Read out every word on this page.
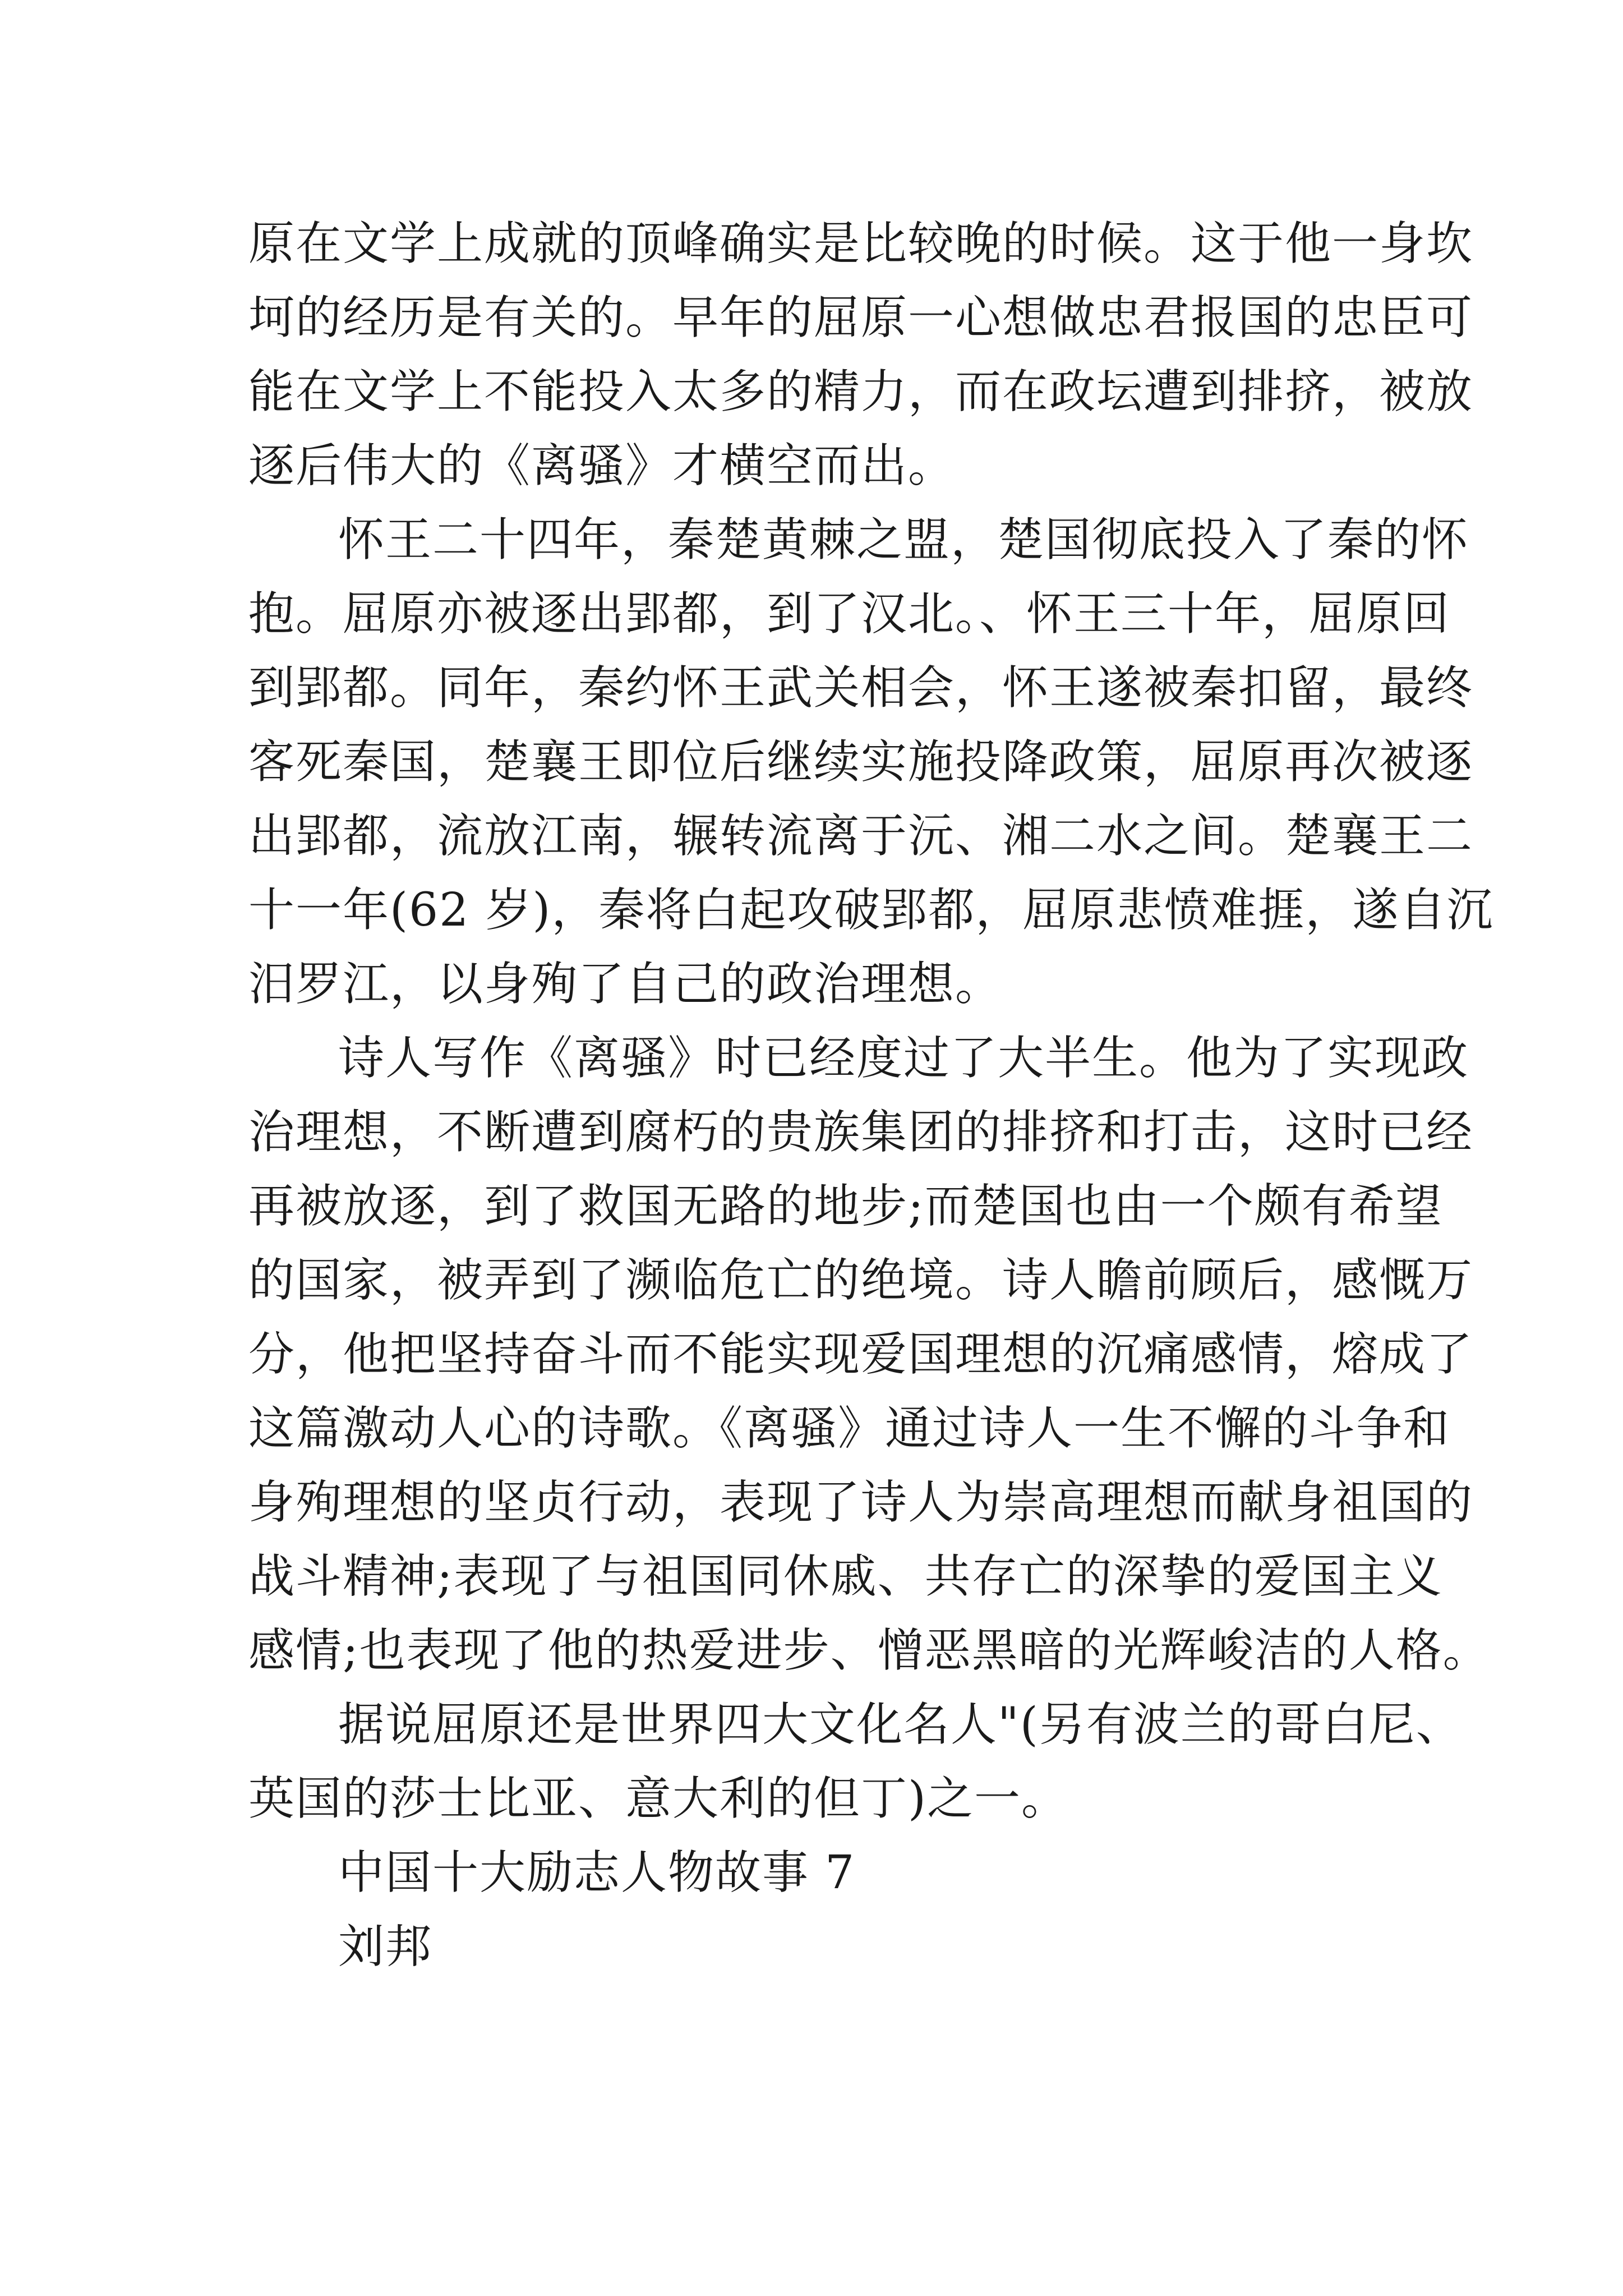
原在文学上成就的顶峰确实是比较晚的时候。这于他一身坎
坷的经历是有关的。早年的屈原一心想做忠君报国的忠臣可
能在文学上不能投入太多的精力，而在政坛遭到排挤，被放
逐后伟大的《离骚》才横空而出。
怀王二十四年，秦楚黄棘之盟，楚国彻底投入了秦的怀
抱。屈原亦被逐出郢都，到了汉北。、怀王三十年，屈原回
到郢都。同年，秦约怀王武关相会，怀王遂被秦扣留，最终
客死秦国，楚襄王即位后继续实施投降政策，屈原再次被逐
出郢都，流放江南，辗转流离于沅、湘二水之间。楚襄王二
十一年(62 岁)，秦将白起攻破郢都，屈原悲愤难捱，遂自沉
汨罗江，以身殉了自己的政治理想。
诗人写作《离骚》时已经度过了大半生。他为了实现政
治理想，不断遭到腐朽的贵族集团的排挤和打击，这时已经
再被放逐，到了救国无路的地步;而楚国也由一个颇有希望
的国家，被弄到了濒临危亡的绝境。诗人瞻前顾后，感慨万
分，他把坚持奋斗而不能实现爱国理想的沉痛感情，熔成了
这篇激动人心的诗歌。《离骚》通过诗人一生不懈的斗争和
身殉理想的坚贞行动，表现了诗人为崇高理想而献身祖国的
战斗精神;表现了与祖国同休戚、共存亡的深挚的爱国主义
感情;也表现了他的热爱进步、憎恶黑暗的光辉峻洁的人格。
据说屈原还是世界四大文化名人"(另有波兰的哥白尼、
英国的莎士比亚、意大利的但丁)之一。
中国十大励志人物故事 7
刘邦
